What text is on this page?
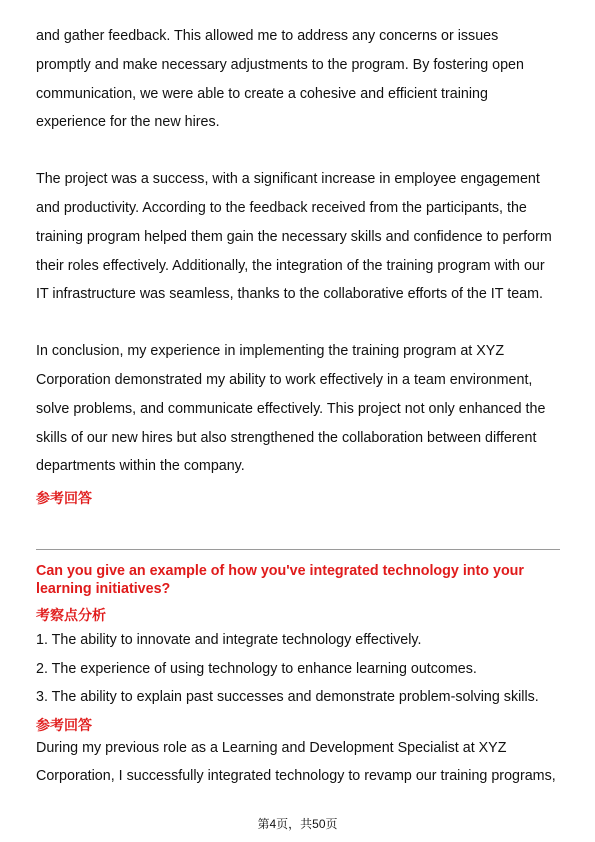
and gather feedback. This allowed me to address any concerns or issues
promptly and make necessary adjustments to the program. By fostering open
communication, we were able to create a cohesive and efficient training
experience for the new hires.
The project was a success, with a significant increase in employee engagement
and productivity. According to the feedback received from the participants, the
training program helped them gain the necessary skills and confidence to perform
their roles effectively. Additionally, the integration of the training program with our
IT infrastructure was seamless, thanks to the collaborative efforts of the IT team.
In conclusion, my experience in implementing the training program at XYZ
Corporation demonstrated my ability to work effectively in a team environment,
solve problems, and communicate effectively. This project not only enhanced the
skills of our new hires but also strengthened the collaboration between different
departments within the company.
参考回答
Can you give an example of how you've integrated technology into your
learning initiatives?
考察点分析
1. The ability to innovate and integrate technology effectively.
2. The experience of using technology to enhance learning outcomes.
3. The ability to explain past successes and demonstrate problem-solving skills.
参考回答
During my previous role as a Learning and Development Specialist at XYZ
Corporation, I successfully integrated technology to revamp our training programs,
第4页，共50页
